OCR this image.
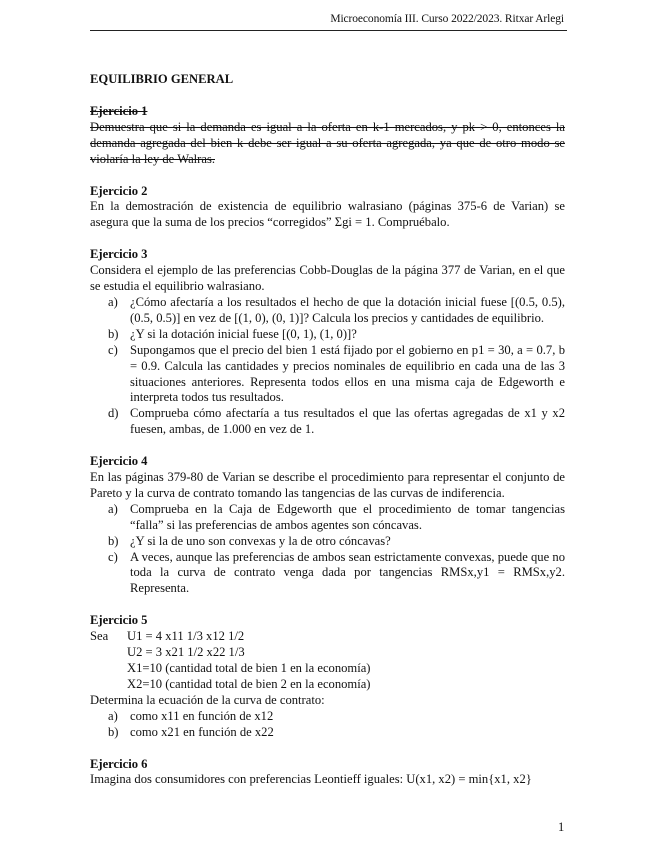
Microeconomía III. Curso 2022/2023. Ritxar Arlegi

EQUILIBRIO GENERAL

Ejercicio 1

Demuestra que si la demanda es igual a la oferta en k-1 mercados, y pk > 0, entonces la demanda agregada del bien k debe ser igual a su oferta agregada, ya que de otro modo se violaría la ley de Walras.

Ejercicio 2

En la demostración de existencia de equilibrio walrasiano (páginas 375-6 de Varian) se asegura que la suma de los precios “corregidos” Σgi = 1. Compruébalo.

Ejercicio 3

Considera el ejemplo de las preferencias Cobb-Douglas de la página 377 de Varian, en el que se estudia el equilibrio walrasiano.

a) ¿Cómo afectaría a los resultados el hecho de que la dotación inicial fuese [(0.5, 0.5), (0.5, 0.5)] en vez de [(1, 0), (0, 1)]? Calcula los precios y cantidades de equilibrio.
b) ¿Y si la dotación inicial fuese [(0, 1), (1, 0)]?
c) Supongamos que el precio del bien 1 está fijado por el gobierno en p1 = 30, a = 0.7, b = 0.9. Calcula las cantidades y precios nominales de equilibrio en cada una de las 3 situaciones anteriores. Representa todos ellos en una misma caja de Edgeworth e interpreta todos tus resultados.
d) Comprueba cómo afectaría a tus resultados el que las ofertas agregadas de x1 y x2 fuesen, ambas, de 1.000 en vez de 1.

Ejercicio 4

En las páginas 379-80 de Varian se describe el procedimiento para representar el conjunto de Pareto y la curva de contrato tomando las tangencias de las curvas de indiferencia.

a) Comprueba en la Caja de Edgeworth que el procedimiento de tomar tangencias “falla” si las preferencias de ambos agentes son cóncavas.
b) ¿Y si la de uno son convexas y la de otro cóncavas?
c) A veces, aunque las preferencias de ambos sean estrictamente convexas, puede que no toda la curva de contrato venga dada por tangencias RMSx,y1 = RMSx,y2. Representa.

Ejercicio 5

Sea	U1 = 4 x11 1/3 x12 1/2
U2 = 3 x21 1/2 x22 1/3
X1=10 (cantidad total de bien 1 en la economía)
X2=10 (cantidad total de bien 2 en la economía)

Determina la ecuación de la curva de contrato:

a) como x11 en función de x12
b) como x21 en función de x22

Ejercicio 6

Imagina dos consumidores con preferencias Leontieff iguales: U(x1, x2) = min{x1, x2}

1
